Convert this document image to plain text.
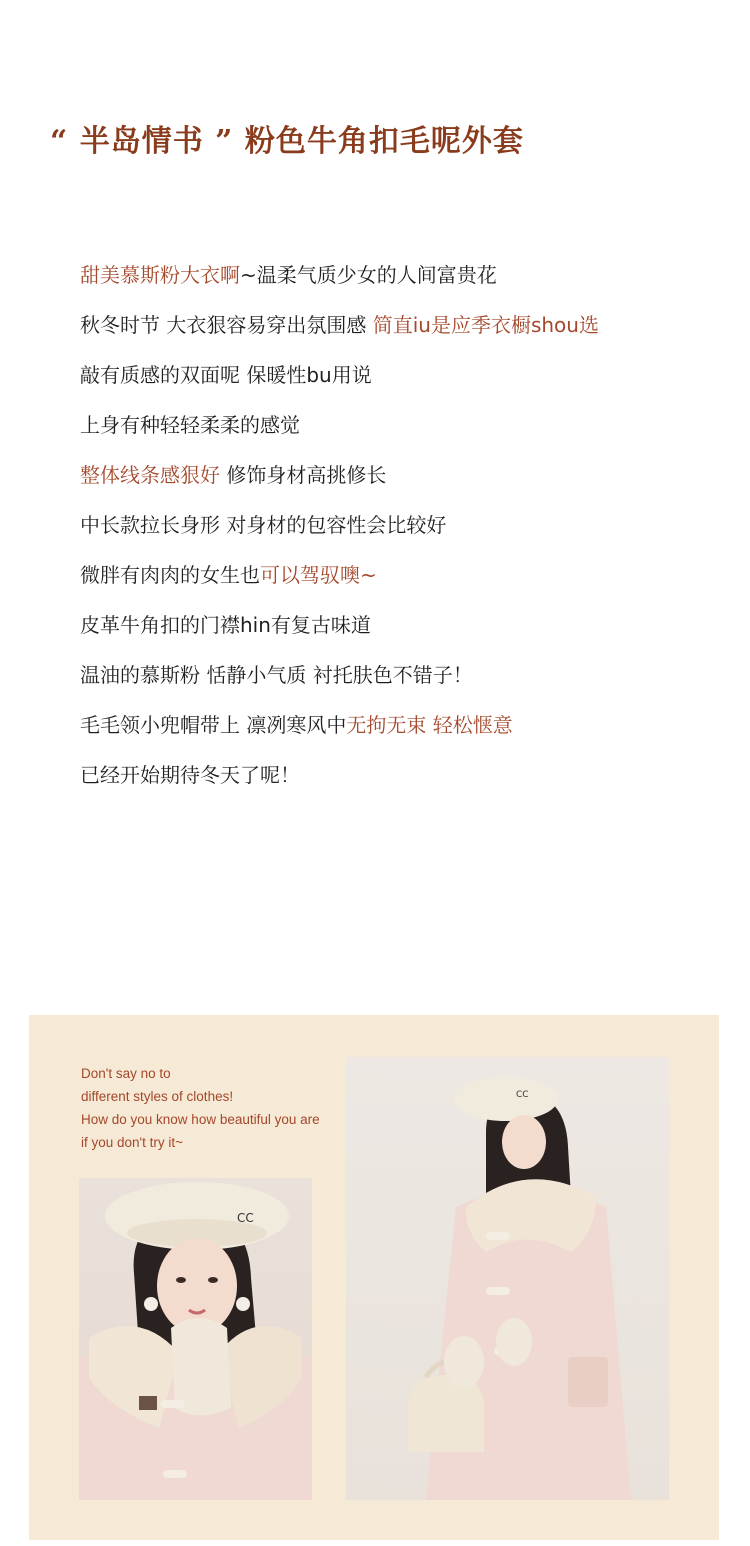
“ 半岛情书 ” 粉色牛角扣毛呢外套
甜美慕斯粉大衣啊~温柔气质少女的人间富贵花
秋冬时节 大衣狠容易穿出氛围感 简直iu是应季衣橱shou选
敲有质感的双面呢 保暖性bu用说
上身有种轻轻柔柔的感觉
整体线条感狠好 修饰身材高挑修长
中长款拉长身形 对身材的包容性会比较好
微胖有肉肉的女生也可以驾驭噢~
皮革牛角扣的门襟hin有复古味道
温油的慕斯粉 恬静小气质 衬托肤色不错子！
毛毛领小兜帽带上 凛冽寒风中无拘无束 轻松惬意
已经开始期待冬天了呢！
Don't say no to
different styles of clothes!
How do you know how beautiful you are
if you don't try it~
CC
CC
